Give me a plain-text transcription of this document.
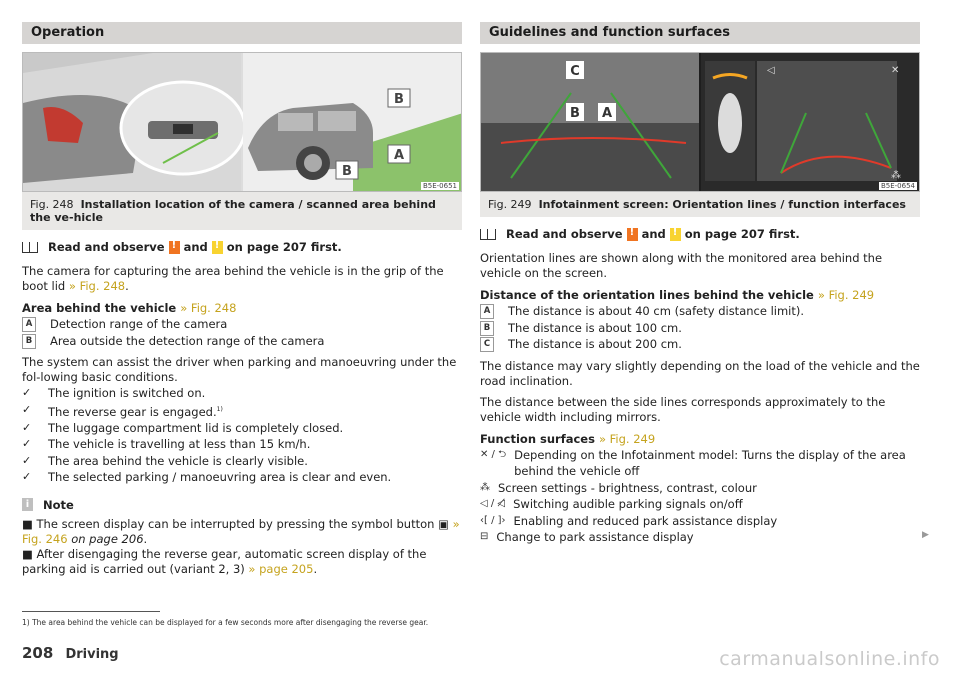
Operation
B
A
B
B5E-0651
Fig. 248 Installation location of the camera / scanned area behind the ve-hicle
Read and observe ! and ! on page 207 first.

The camera for capturing the area behind the vehicle is in the grip of the boot lid » Fig. 248.

Area behind the vehicle » Fig. 248

A	Detection range of the camera
B	Area outside the detection range of the camera

The system can assist the driver when parking and manoeuvring under the fol-lowing basic conditions.

✓ The ignition is switched on.
✓ The reverse gear is engaged.$^{1)}$
✓ The luggage compartment lid is completely closed.
✓ The vehicle is travelling at less than 15 km/h.
✓ The area behind the vehicle is clearly visible.
✓ The selected parking / manoeuvring area is clear and even.
i	Note

■ The screen display can be interrupted by pressing the symbol button ▣ » Fig. 246 on page 206.

■ After disengaging the reverse gear, automatic screen display of the parking aid is carried out (variant 2, 3) » page 205.

Guidelines and function surfaces
C
B A
✕
◁
⁂
B5E-0654
Fig. 249 Infotainment screen: Orientation lines / function interfaces
Read and observe ! and ! on page 207 first.

Orientation lines are shown along with the monitored area behind the vehicle on the screen.

Distance of the orientation lines behind the vehicle » Fig. 249

A	The distance is about 40 cm (safety distance limit).
B	The distance is about 100 cm.
C	The distance is about 200 cm.

The distance may vary slightly depending on the load of the vehicle and the road inclination.

The distance between the side lines corresponds approximately to the vehicle width including mirrors.

Function surfaces » Fig. 249

✕ / ⮌ Depending on the Infotainment model: Turns the display of the area behind the vehicle off
⁂ Screen settings - brightness, contrast, colour
◁ / ◁̸ Switching audible parking signals on/off
‹[ / ]› Enabling and reduced park assistance display
⊟ Change to park assistance display	▶
1) The area behind the vehicle can be displayed for a few seconds more after disengaging the reverse gear.
208 Driving	carmanualsonline.info
